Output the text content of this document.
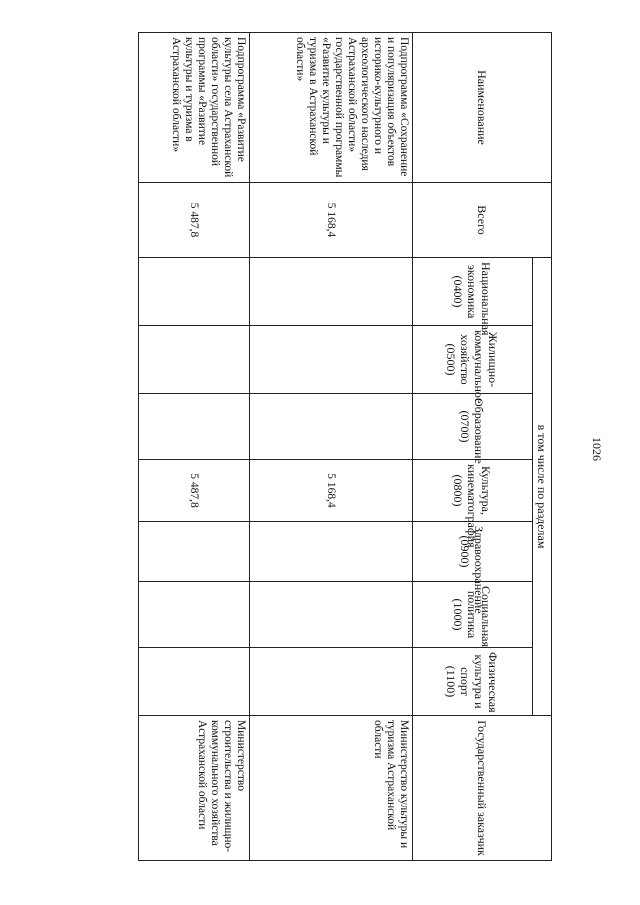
1026
Наименование	Всего	в том числе по разделам							Государственный заказчик
		Национальная экономика (0400)	Жилищно-коммунальное хозяйство (0500)	Образование (0700)	Культура, кинематография (0800)	Здравоохранение (0900)	Социальная политика (1000)	Физическая культура и спорт (1100)	
Подпрограмма «Сохранение и популяризация объектов историко-культурного и археологического наследия Астраханской области» государственной программы «Развитие культуры и туризма в Астраханской области»	5 168,4				5 168,4				Министерство культуры и туризма Астраханской области
Подпрограмма «Развитие культуры села Астраханской области» государственной программы «Развитие культуры и туризма в Астраханской области»	5 487,8				5 487,8				Министерство строительства и жилищно-коммунального хозяйства Астраханской области
